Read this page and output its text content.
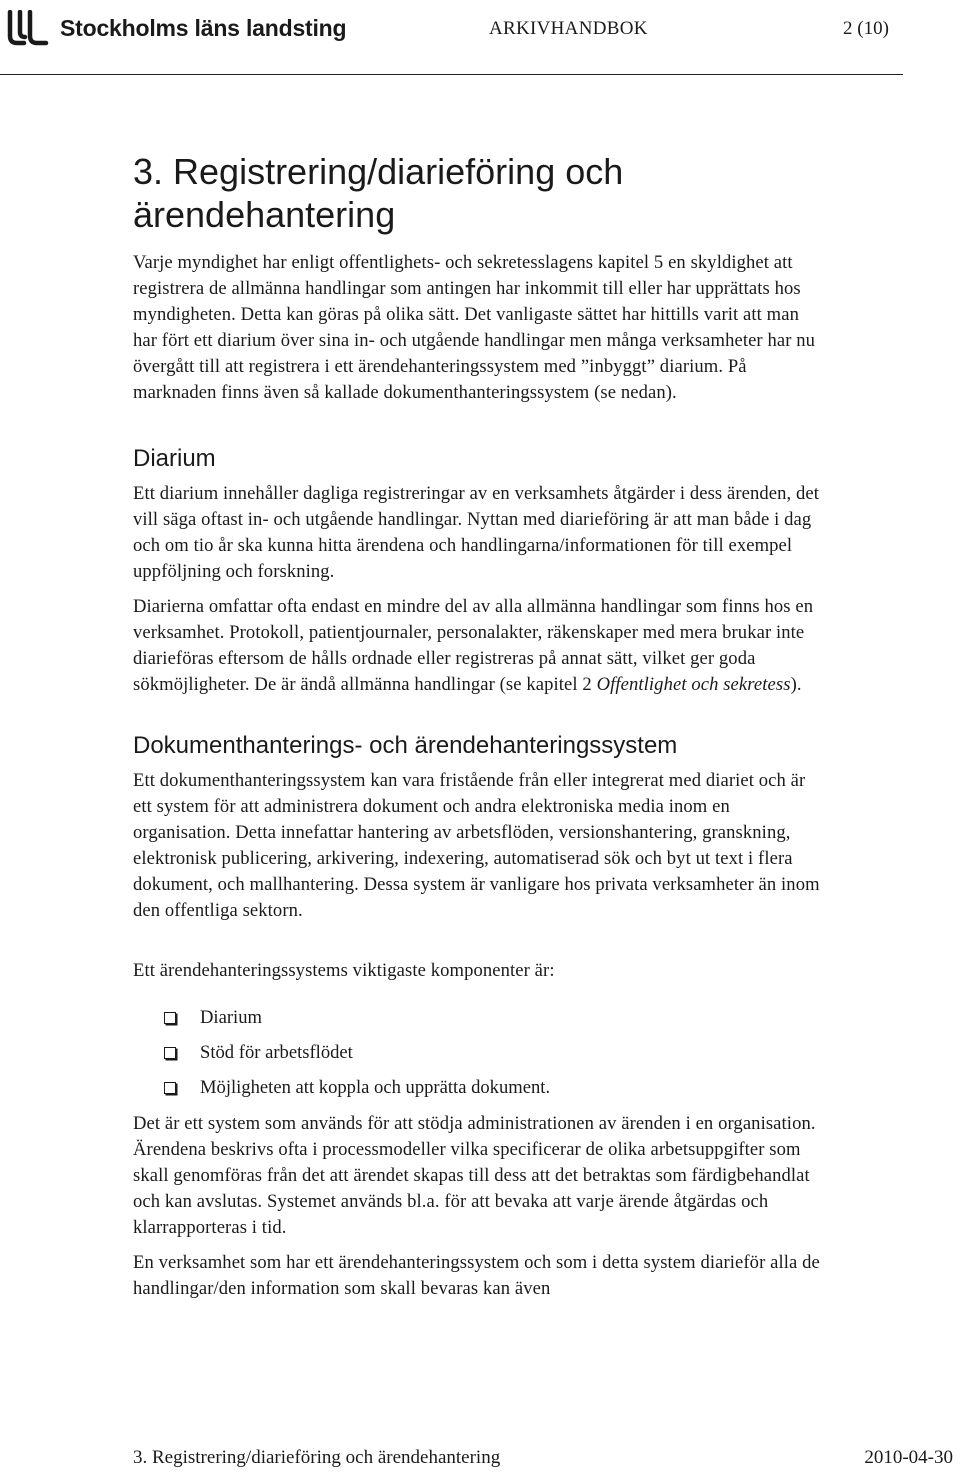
Stockholms läns landsting	ARKIVHANDBOK	2 (10)
3. Registrering/diarieföring och ärendehantering

Varje myndighet har enligt offentlighets- och sekretesslagens kapitel 5 en skyldighet att registrera de allmänna handlingar som antingen har inkommit till eller har upprättats hos myndigheten. Detta kan göras på olika sätt. Det vanligaste sättet har hittills varit att man har fört ett diarium över sina in- och utgående handlingar men många verksamheter har nu övergått till att registrera i ett ärendehanteringssystem med ”inbyggt” diarium. På marknaden finns även så kallade dokumenthanteringssystem (se nedan).

Diarium

Ett diarium innehåller dagliga registreringar av en verksamhets åtgärder i dess ärenden, det vill säga oftast in- och utgående handlingar. Nyttan med diarieföring är att man både i dag och om tio år ska kunna hitta ärendena och handlingarna/informationen för till exempel uppföljning och forskning.

Diarierna omfattar ofta endast en mindre del av alla allmänna handlingar som finns hos en verksamhet. Protokoll, patientjournaler, personalakter, räkenskaper med mera brukar inte diarieföras eftersom de hålls ordnade eller registreras på annat sätt, vilket ger goda sökmöjligheter. De är ändå allmänna handlingar (se kapitel 2 Offentlighet och sekretess).

Dokumenthanterings- och ärendehanteringssystem

Ett dokumenthanteringssystem kan vara fristående från eller integrerat med diariet och är ett system för att administrera dokument och andra elektroniska media inom en organisation. Detta innefattar hantering av arbetsflöden, versionshantering, granskning, elektronisk publicering, arkivering, indexering, automatiserad sök och byt ut text i flera dokument, och mallhantering. Dessa system är vanligare hos privata verksamheter än inom den offentliga sektorn.

Ett ärendehanteringssystems viktigaste komponenter är:

Diarium
Stöd för arbetsflödet
Möjligheten att koppla och upprätta dokument.

Det är ett system som används för att stödja administrationen av ärenden i en organisation. Ärendena beskrivs ofta i processmodeller vilka specificerar de olika arbetsuppgifter som skall genomföras från det att ärendet skapas till dess att det betraktas som färdigbehandlat och kan avslutas. Systemet används bl.a. för att bevaka att varje ärende åtgärdas och klarrapporteras i tid.

En verksamhet som har ett ärendehanteringssystem och som i detta system diarieför alla de handlingar/den information som skall bevaras kan även

3. Registrering/diarieföring och ärendehantering	2010-04-30
